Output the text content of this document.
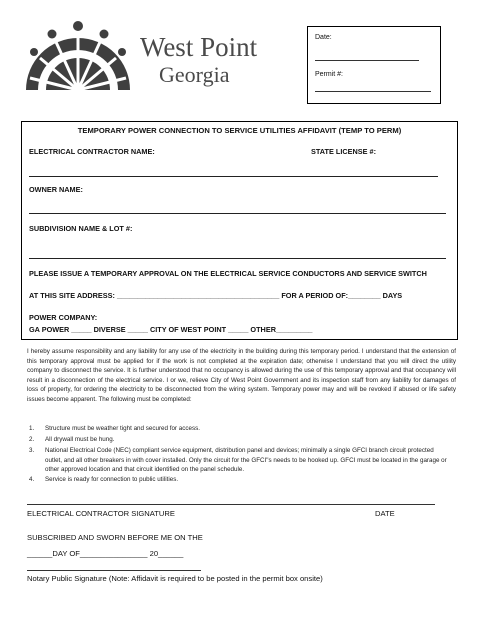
West Point
Georgia
Date:
Permit #:
TEMPORARY POWER CONNECTION TO SERVICE UTILITIES AFFIDAVIT (TEMP TO PERM)
ELECTRICAL CONTRACTOR NAME:	STATE LICENSE #:
OWNER NAME:
SUBDIVISION NAME & LOT #:
PLEASE ISSUE A TEMPORARY APPROVAL ON THE ELECTRICAL SERVICE CONDUCTORS AND SERVICE SWITCH
AT THIS SITE ADDRESS: ________________________________________ FOR A PERIOD OF:________ DAYS
POWER COMPANY:
GA POWER _____ DIVERSE _____ CITY OF WEST POINT _____ OTHER_________
I hereby assume responsibility and any liability for any use of the electricity in the building during this temporary period. I understand that the extension of this temporary approval must be applied for if the work is not completed at the expiration date; otherwise I understand that you will direct the utility company to disconnect the service. It is further understood that no occupancy is allowed during the use of this temporary approval and that occupancy will result in a disconnection of the electrical service. I or we, relieve City of West Point Government and its inspection staff from any liability for damages of loss of property, for ordering the electricity to be disconnected from the wiring system. Temporary power may and will be revoked if abused or life safety issues become apparent. The following must be completed:
1. Structure must be weather tight and secured for access.
2. All drywall must be hung.
3. National Electrical Code (NEC) compliant service equipment, distribution panel and devices; minimally a single GFCI branch circuit protected outlet, and all other breakers in with cover installed. Only the circuit for the GFCI"s needs to be hooked up. GFCI must be located in the garage or other approved location and that circuit identified on the panel schedule.
4. Service is ready for connection to public utilities.
ELECTRICAL CONTRACTOR SIGNATURE	DATE
SUBSCRIBED AND SWORN BEFORE ME ON THE
______DAY OF________________ 20______
Notary Public Signature (Note: Affidavit is required to be posted in the permit box onsite)
